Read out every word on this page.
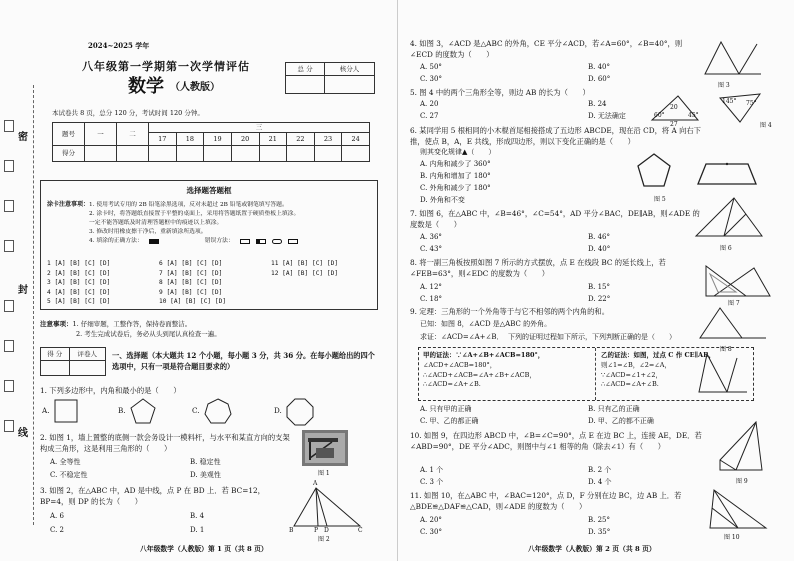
密
封
线
2024~2025 学年
八年级第一学期第一次学情评估
数学 （人教版）
总 分	核分人

本试卷共 8 页，总分 120 分，考试时间 120 分钟。
题号	一	二	三							
			17	18	19	20	21	22	23	24
得分										
选择题答题框
涂卡注意事项： 1. 使用考试专用的 2B 铅笔涂黑选项，反对未超过 2B 铅笔或钢笔填写答题。
2. 涂卡时，将答题纸直接置于平整的桌面上，采用将答题纸置于硬质垫板上填涂。
一定不能答题纸及时清理答题框中的痕迹以上填涂。
3. 修改时用橡皮擦干净后，重新填涂所选项。
4. 填涂的正确方法：	错误方法：
1 [A] [B] [C] [D]	6 [A] [B] [C] [D]	11 [A] [B] [C] [D]
2 [A] [B] [C] [D]	7 [A] [B] [C] [D]	12 [A] [B] [C] [D]
3 [A] [B] [C] [D]	8 [A] [B] [C] [D]
4 [A] [B] [C] [D]	9 [A] [B] [C] [D]
5 [A] [B] [C] [D]	10 [A] [B] [C] [D]
注意事项：1. 仔细审题，工整作答，保持卷面整洁。
2. 考生完成试卷后，务必从头到尾认真检查一遍。
得 分	评卷人
	一、选择题（本大题共 12 个小题，每小题 3 分，共 36 分。在每小题给出的四个选项中，只有一项是符合题目要求的）
1. 下列多边形中，内角和最小的是（　　）
A.	B.	C.	D.
2. 如图 1，墙上置整的底侧一款会务设计一模料杆，与水平和某直方向的支架构成三角形，这是利用三角形的（　　）
A. 全等性	B. 稳定性
C. 不稳定性	D. 美观性	图 1
3. 如图 2，在△ABC 中，AD 是中线，点 P 在 BD 上．若 BC=12，BP=4，则 DP 的长为（　　）
A. 6	B. 4
C. 2	D. 1
A
B	P D	C
图 2
八年级数学（人教版）第 1 页（共 8 页）
4. 如图 3，∠ACD 是△ABC 的外角，CE 平分∠ACD，若∠A=60°，∠B=40°，则∠ECD 的度数为（　　）
A. 50°	B. 40°
C. 30°	D. 60°
图 3
5. 图 4 中的两个三角形全等，则边 AB 的长为（　　）
A. 20	B. 24
C. 27	D. 无法确定	60°
20
27
45°
145° 75°
图 4
6. 某同学用 5 根相同的小木棍首尾相接搭成了五边形 ABCDE，现在沿 CD，将 A 向右下推，使点 B，A，E 共线，形成四边形，则以下变化正确的是（　　）
则其变化规律▲（　　）
A. 内角和减少了 360°
B. 内角和增加了 180°
C. 外角和减少了 180°
D. 外角和不变	图 5
7. 如图 6，在△ABC 中，∠B=46°，∠C=54°，AD 平分∠BAC，DE∥AB，则∠ADE 的度数是（　　）
A. 36°	B. 46°
C. 43°	D. 40°	图 6
8. 将一副三角板按照如图 7 所示的方式摆放，点 E 在线段 BC 的延长线上，若∠FEB=63°，则∠EDC 的度数为（　　）
A. 12°	B. 15°
C. 18°	D. 22°
图 7
9. 定理：三角形的一个外角等于与它不相邻的两个内角的和。
已知：如图 8，∠ACD 是△ABC 的外角。
求证：∠ACD=∠A+∠B． 下列的证明过程如下所示，下列判断正确的是（　　）
图 8
甲的证法：∵∠A+∠B+∠ACB=180°，
∠ACD+∠ACB=180°，
∴∠ACD+∠ACB=∠A+∠B+∠ACB，
∴∠ACD=∠A+∠B.
乙的证法：如图，过点 C 作 CE∥AB，
则∠1=∠B，∠2=∠A，
∵∠ACD=∠1+∠2，
∴∠ACD=∠A+∠B.
A. 只有甲的正确	B. 只有乙的正确
C. 甲、乙的都正确	D. 甲、乙的都不正确
10. 如图 9，在四边形 ABCD 中，∠B=∠C=90°，点 E 在边 BC 上，连接 AE，DE．若∠ABD=90°，DE 平分∠ADC，则图中与∠1 相等的角（除去∠1）有（　　）
A. 1 个	B. 2 个
C. 3 个	D. 4 个	图 9
11. 如图 10，在△ABC 中，∠BAC=120°，点 D，F 分别在边 BC，边 AB 上．若△BDE≌△DAF≌△CAD，则∠ADE 的度数为（　　）
A. 20°	B. 25°
C. 30°	D. 35°
图 10
八年级数学（人教版）第 2 页（共 8 页）
